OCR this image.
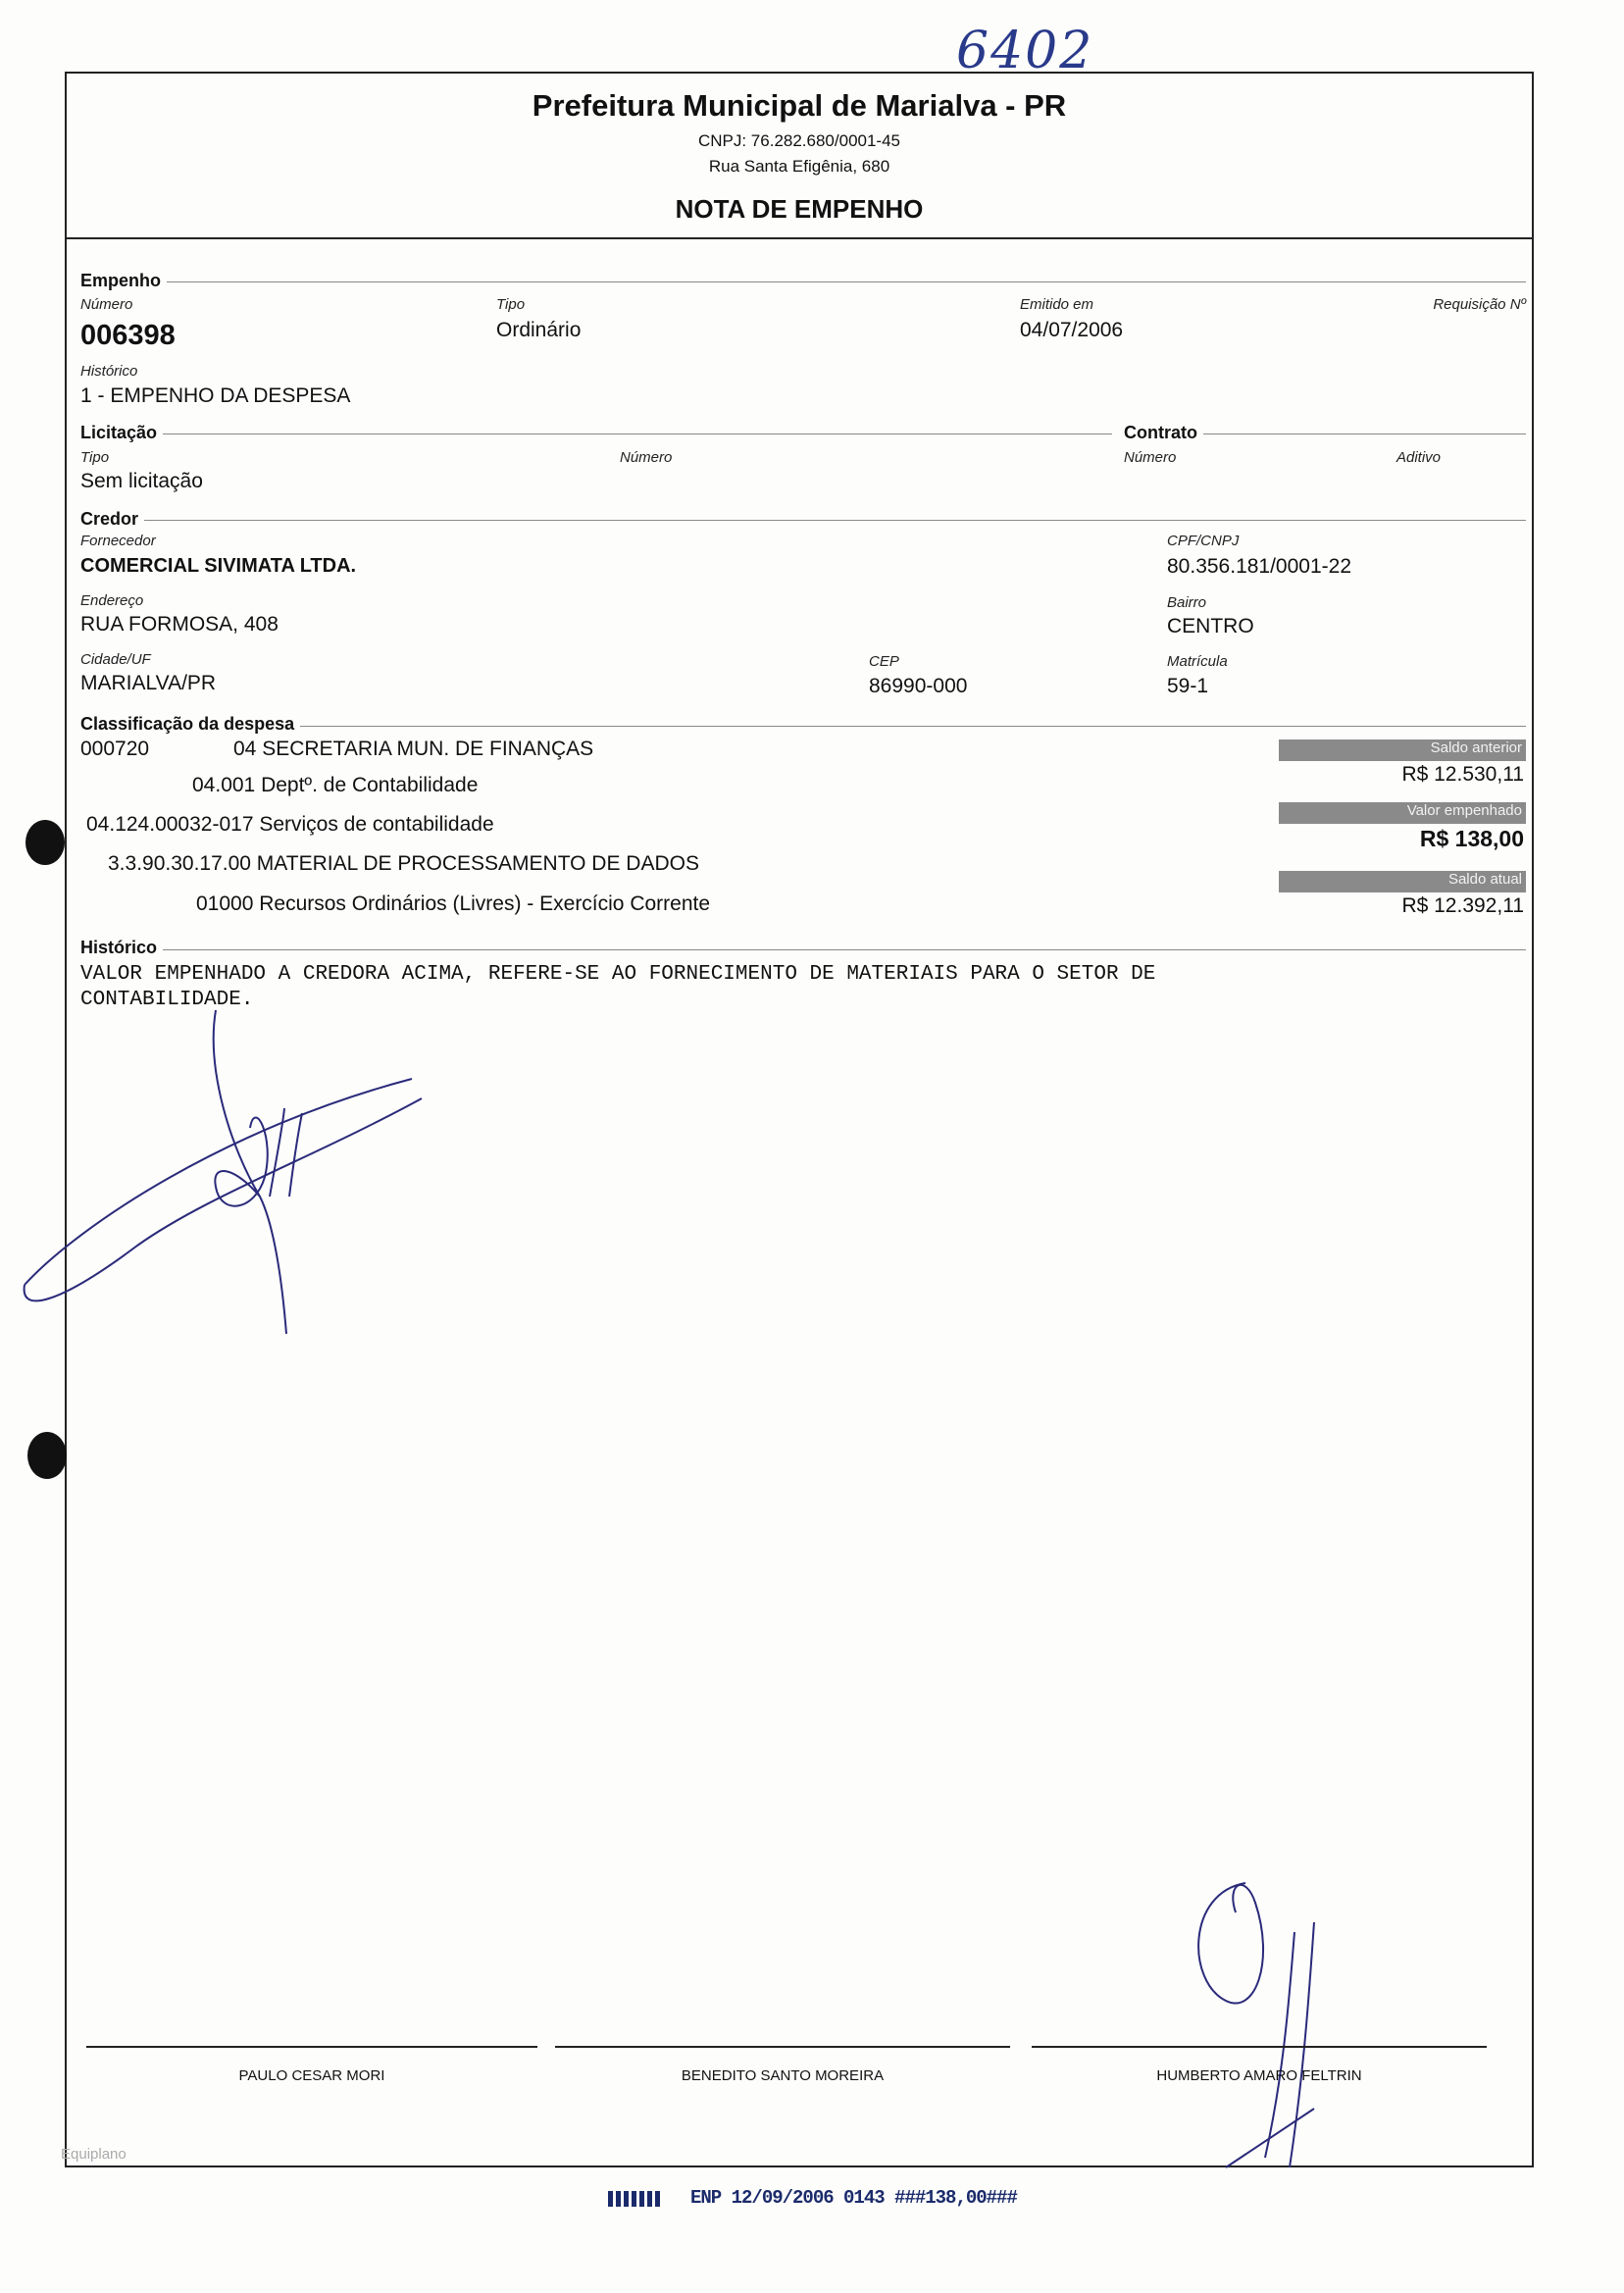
6402
Prefeitura Municipal de Marialva - PR
CNPJ: 76.282.680/0001-45
Rua Santa Efigênia, 680
NOTA DE EMPENHO
Empenho
Número
006398
Tipo
Ordinário
Emitido em
04/07/2006
Requisição Nº
Histórico
1 - EMPENHO DA DESPESA
Licitação	Contrato
Tipo
Sem licitação
Número	Número	Aditivo
Credor
Fornecedor
COMERCIAL SIVIMATA LTDA.
CPF/CNPJ
80.356.181/0001-22
Endereço
RUA FORMOSA, 408
Bairro
CENTRO
Cidade/UF
MARIALVA/PR
CEP
86990-000
Matrícula
59-1
Classificação da despesa
000720	04 SECRETARIA MUN. DE FINANÇAS
04.001 Deptº. de Contabilidade
04.124.00032-017 Serviços de contabilidade
3.3.90.30.17.00 MATERIAL DE PROCESSAMENTO DE DADOS
01000 Recursos Ordinários (Livres) - Exercício Corrente
Saldo anterior
R$ 12.530,11
Valor empenhado
R$ 138,00
Saldo atual
R$ 12.392,11
Histórico
VALOR EMPENHADO A CREDORA ACIMA, REFERE-SE AO FORNECIMENTO DE MATERIAIS PARA O SETOR DE
CONTABILIDADE.
PAULO CESAR MORI	BENEDITO SANTO MOREIRA	HUMBERTO AMARO FELTRIN
Equiplano
ENP 12/09/2006 0143 ###138,00###
